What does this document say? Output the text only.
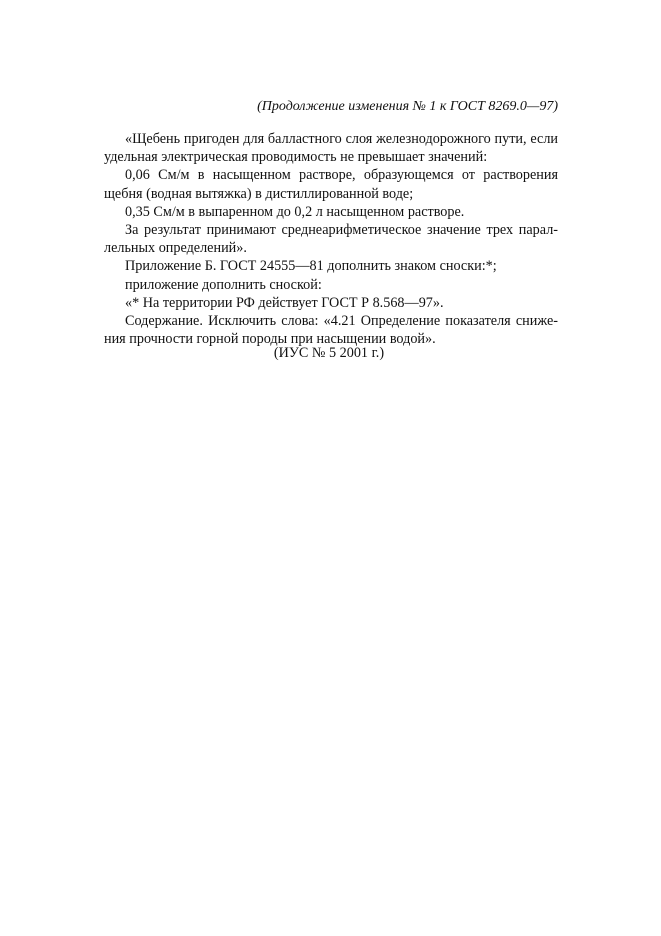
(Продолжение изменения № 1 к ГОСТ 8269.0—97)
«Щебень пригоден для балластного слоя железнодорожного пути, если
удельная электрическая проводимость не превышает значений:
0,06 См/м в насыщенном растворе, образующемся от растворения
щебня (водная вытяжка) в дистиллированной воде;
0,35 См/м в выпаренном до 0,2 л насыщенном растворе.
За результат принимают среднеарифметическое значение трех парал-
лельных определений».
Приложение Б. ГОСТ 24555—81 дополнить знаком сноски:*;
приложение дополнить сноской:
«* На территории РФ действует ГОСТ Р 8.568—97».
Содержание. Исключить слова: «4.21 Определение показателя сниже-
ния прочности горной породы при насыщении водой».
(ИУС № 5 2001 г.)
